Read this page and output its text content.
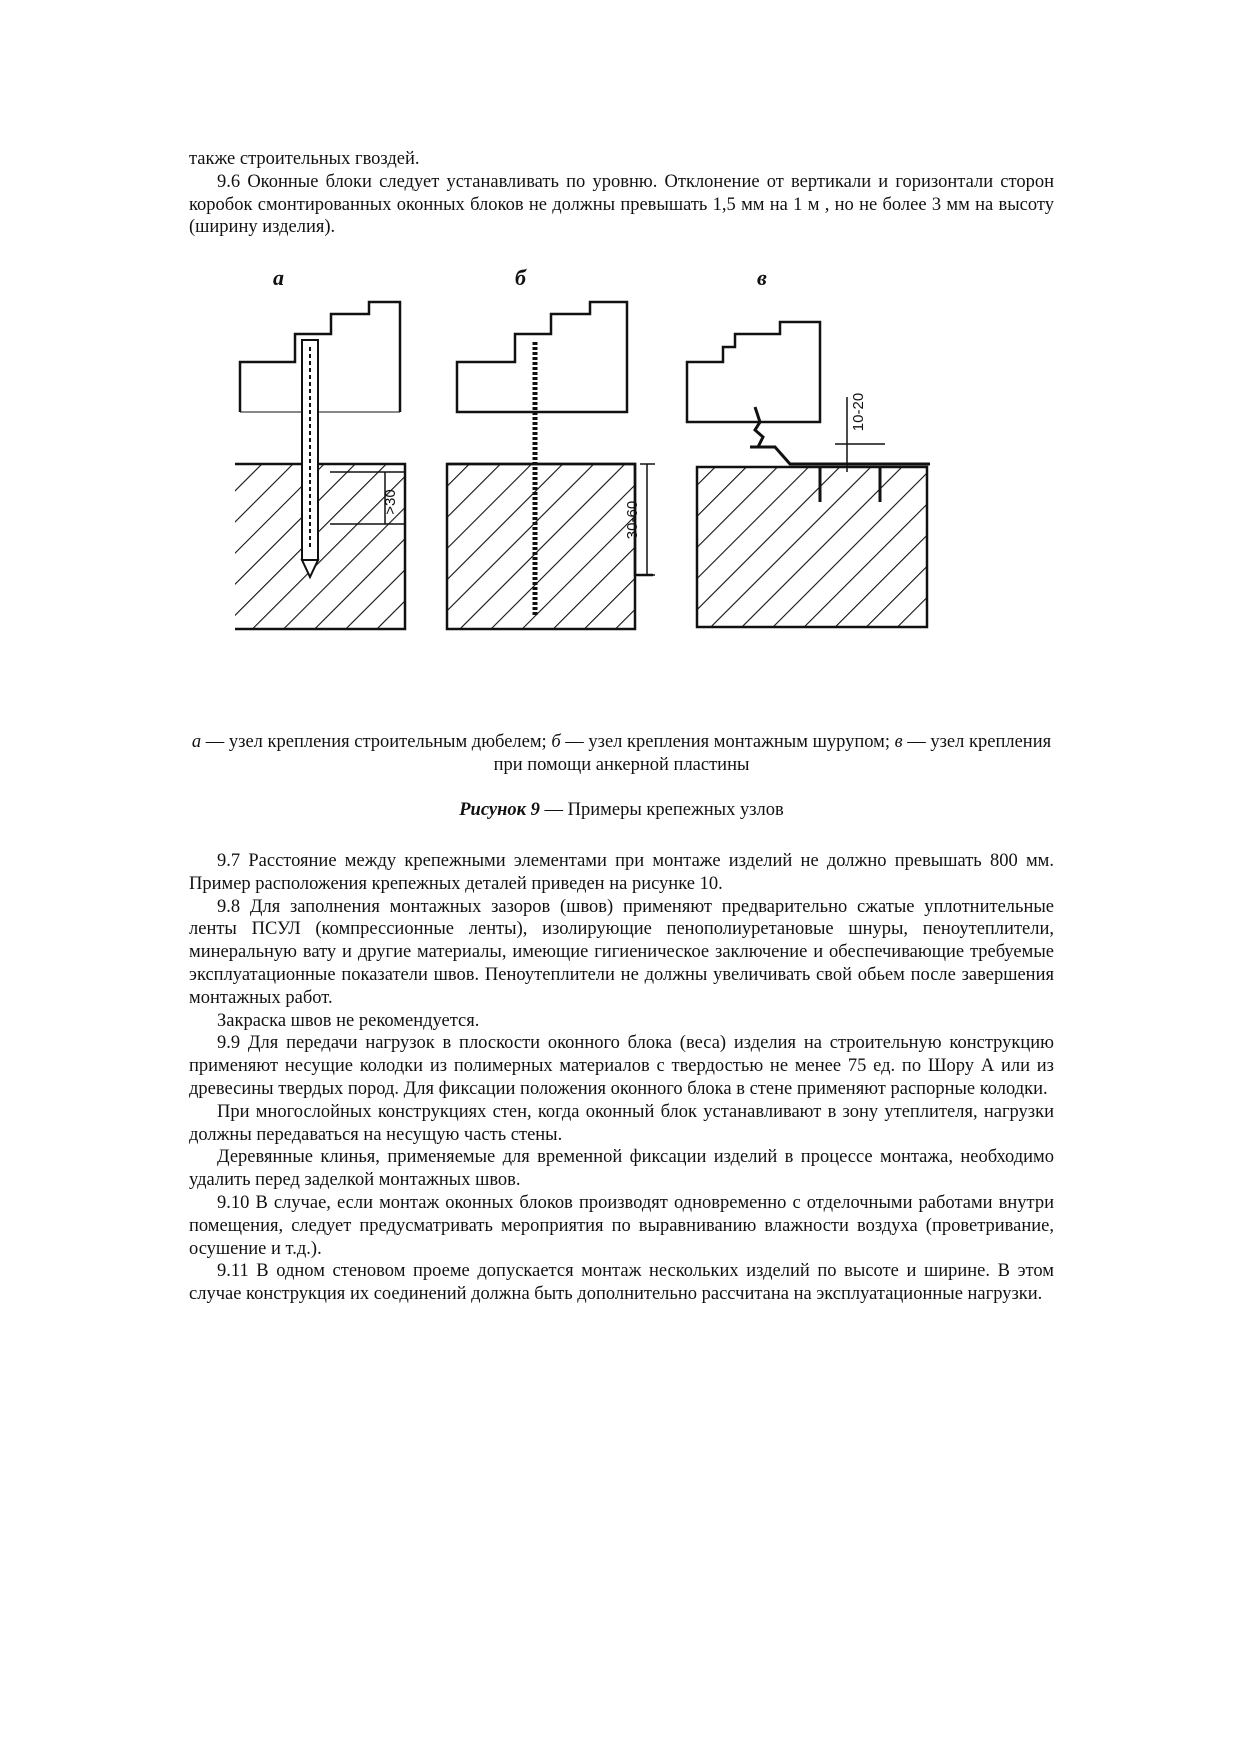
также строительных гвоздей.

9.6 Оконные блоки следует устанавливать по уровню. Отклонение от вертикали и горизонтали сторон коробок смонтированных оконных блоков не должны превышать 1,5 мм на 1 м , но не более 3 мм на высоту (ширину изделия).

а	б	в
>30	30-60
10-20
а — узел крепления строительным дюбелем; б — узел крепления монтажным шурупом; в — узел крепления при помощи анкерной пластины
Рисунок 9 — Примеры крепежных узлов

9.7 Расстояние между крепежными элементами при монтаже изделий не должно превышать 800 мм. Пример расположения крепежных деталей приведен на рисунке 10.

9.8 Для заполнения монтажных зазоров (швов) применяют предварительно сжатые уплотнительные ленты ПСУЛ (компрессионные ленты), изолирующие пенополиуретановые шнуры, пеноутеплители, минеральную вату и другие материалы, имеющие гигиеническое заключение и обеспечивающие требуемые эксплуатационные показатели швов. Пеноутеплители не должны увеличивать свой обьем после завершения монтажных работ.

Закраска швов не рекомендуется.

9.9 Для передачи нагрузок в плоскости оконного блока (веса) изделия на строительную конструкцию применяют несущие колодки из полимерных материалов с твердостью не менее 75 ед. по Шору А или из древесины твердых пород. Для фиксации положения оконного блока в стене применяют распорные колодки.

При многослойных конструкциях стен, когда оконный блок устанавливают в зону утеплителя, нагрузки должны передаваться на несущую часть стены.

Деревянные клинья, применяемые для временной фиксации изделий в процессе монтажа, необходимо удалить перед заделкой монтажных швов.

9.10 В случае, если монтаж оконных блоков производят одновременно с отделочными работами внутри помещения, следует предусматривать мероприятия по выравниванию влажности воздуха (проветривание, осушение и т.д.).

9.11 В одном стеновом проеме допускается монтаж нескольких изделий по высоте и ширине. В этом случае конструкция их соединений должна быть дополнительно рассчитана на эксплуатационные нагрузки.
